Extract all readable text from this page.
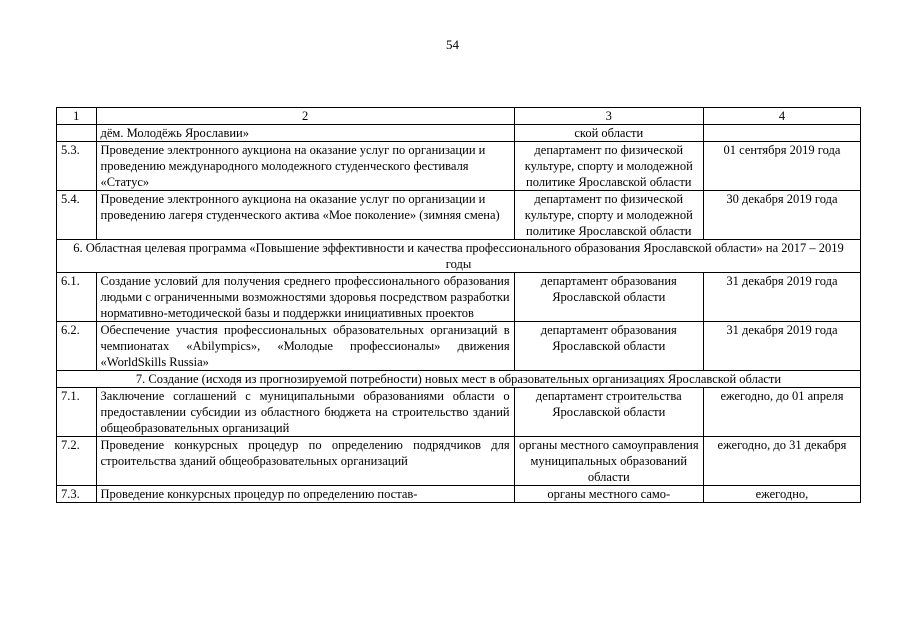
54
1	2	3	4
	дём. Молодёжь Ярославии»	ской области	
5.3.	Проведение электронного аукциона на оказание услуг по организации и проведению международного молодежного студенческого фестиваля «Статус»	департамент по физической культуре, спорту и молодежной политике Ярославской области	01 сентября 2019 года
5.4.	Проведение электронного аукциона на оказание услуг по организации и проведению лагеря студенческого актива «Мое поколение» (зимняя смена)	департамент по физической культуре, спорту и молодежной политике Ярославской области	30 декабря 2019 года
6. Областная целевая программа «Повышение эффективности и качества профессионального образования Ярославской области» на 2017 – 2019 годы			
6.1.	Создание условий для получения среднего профессионального образования людьми с ограниченными возможностями здоровья посредством разработки нормативно-методической базы и поддержки инициативных проектов	департамент образования Ярославской области	31 декабря 2019 года
6.2.	Обеспечение участия профессиональных образовательных организаций в чемпионатах «Abilympics», «Молодые профессионалы» движения «WorldSkills Russia»	департамент образования Ярославской области	31 декабря 2019 года
7. Создание (исходя из прогнозируемой потребности) новых мест в образовательных организациях Ярославской области			
7.1.	Заключение соглашений с муниципальными образованиями области о предоставлении субсидии из областного бюджета на строительство зданий общеобразовательных организаций	департамент строительства Ярославской области	ежегодно, до 01 апреля
7.2.	Проведение конкурсных процедур по определению подрядчиков для строительства зданий общеобразовательных организаций	органы местного самоуправления муниципальных образований области	ежегодно, до 31 декабря
7.3.	Проведение конкурсных процедур по определению постав-	органы местного само-	ежегодно,
